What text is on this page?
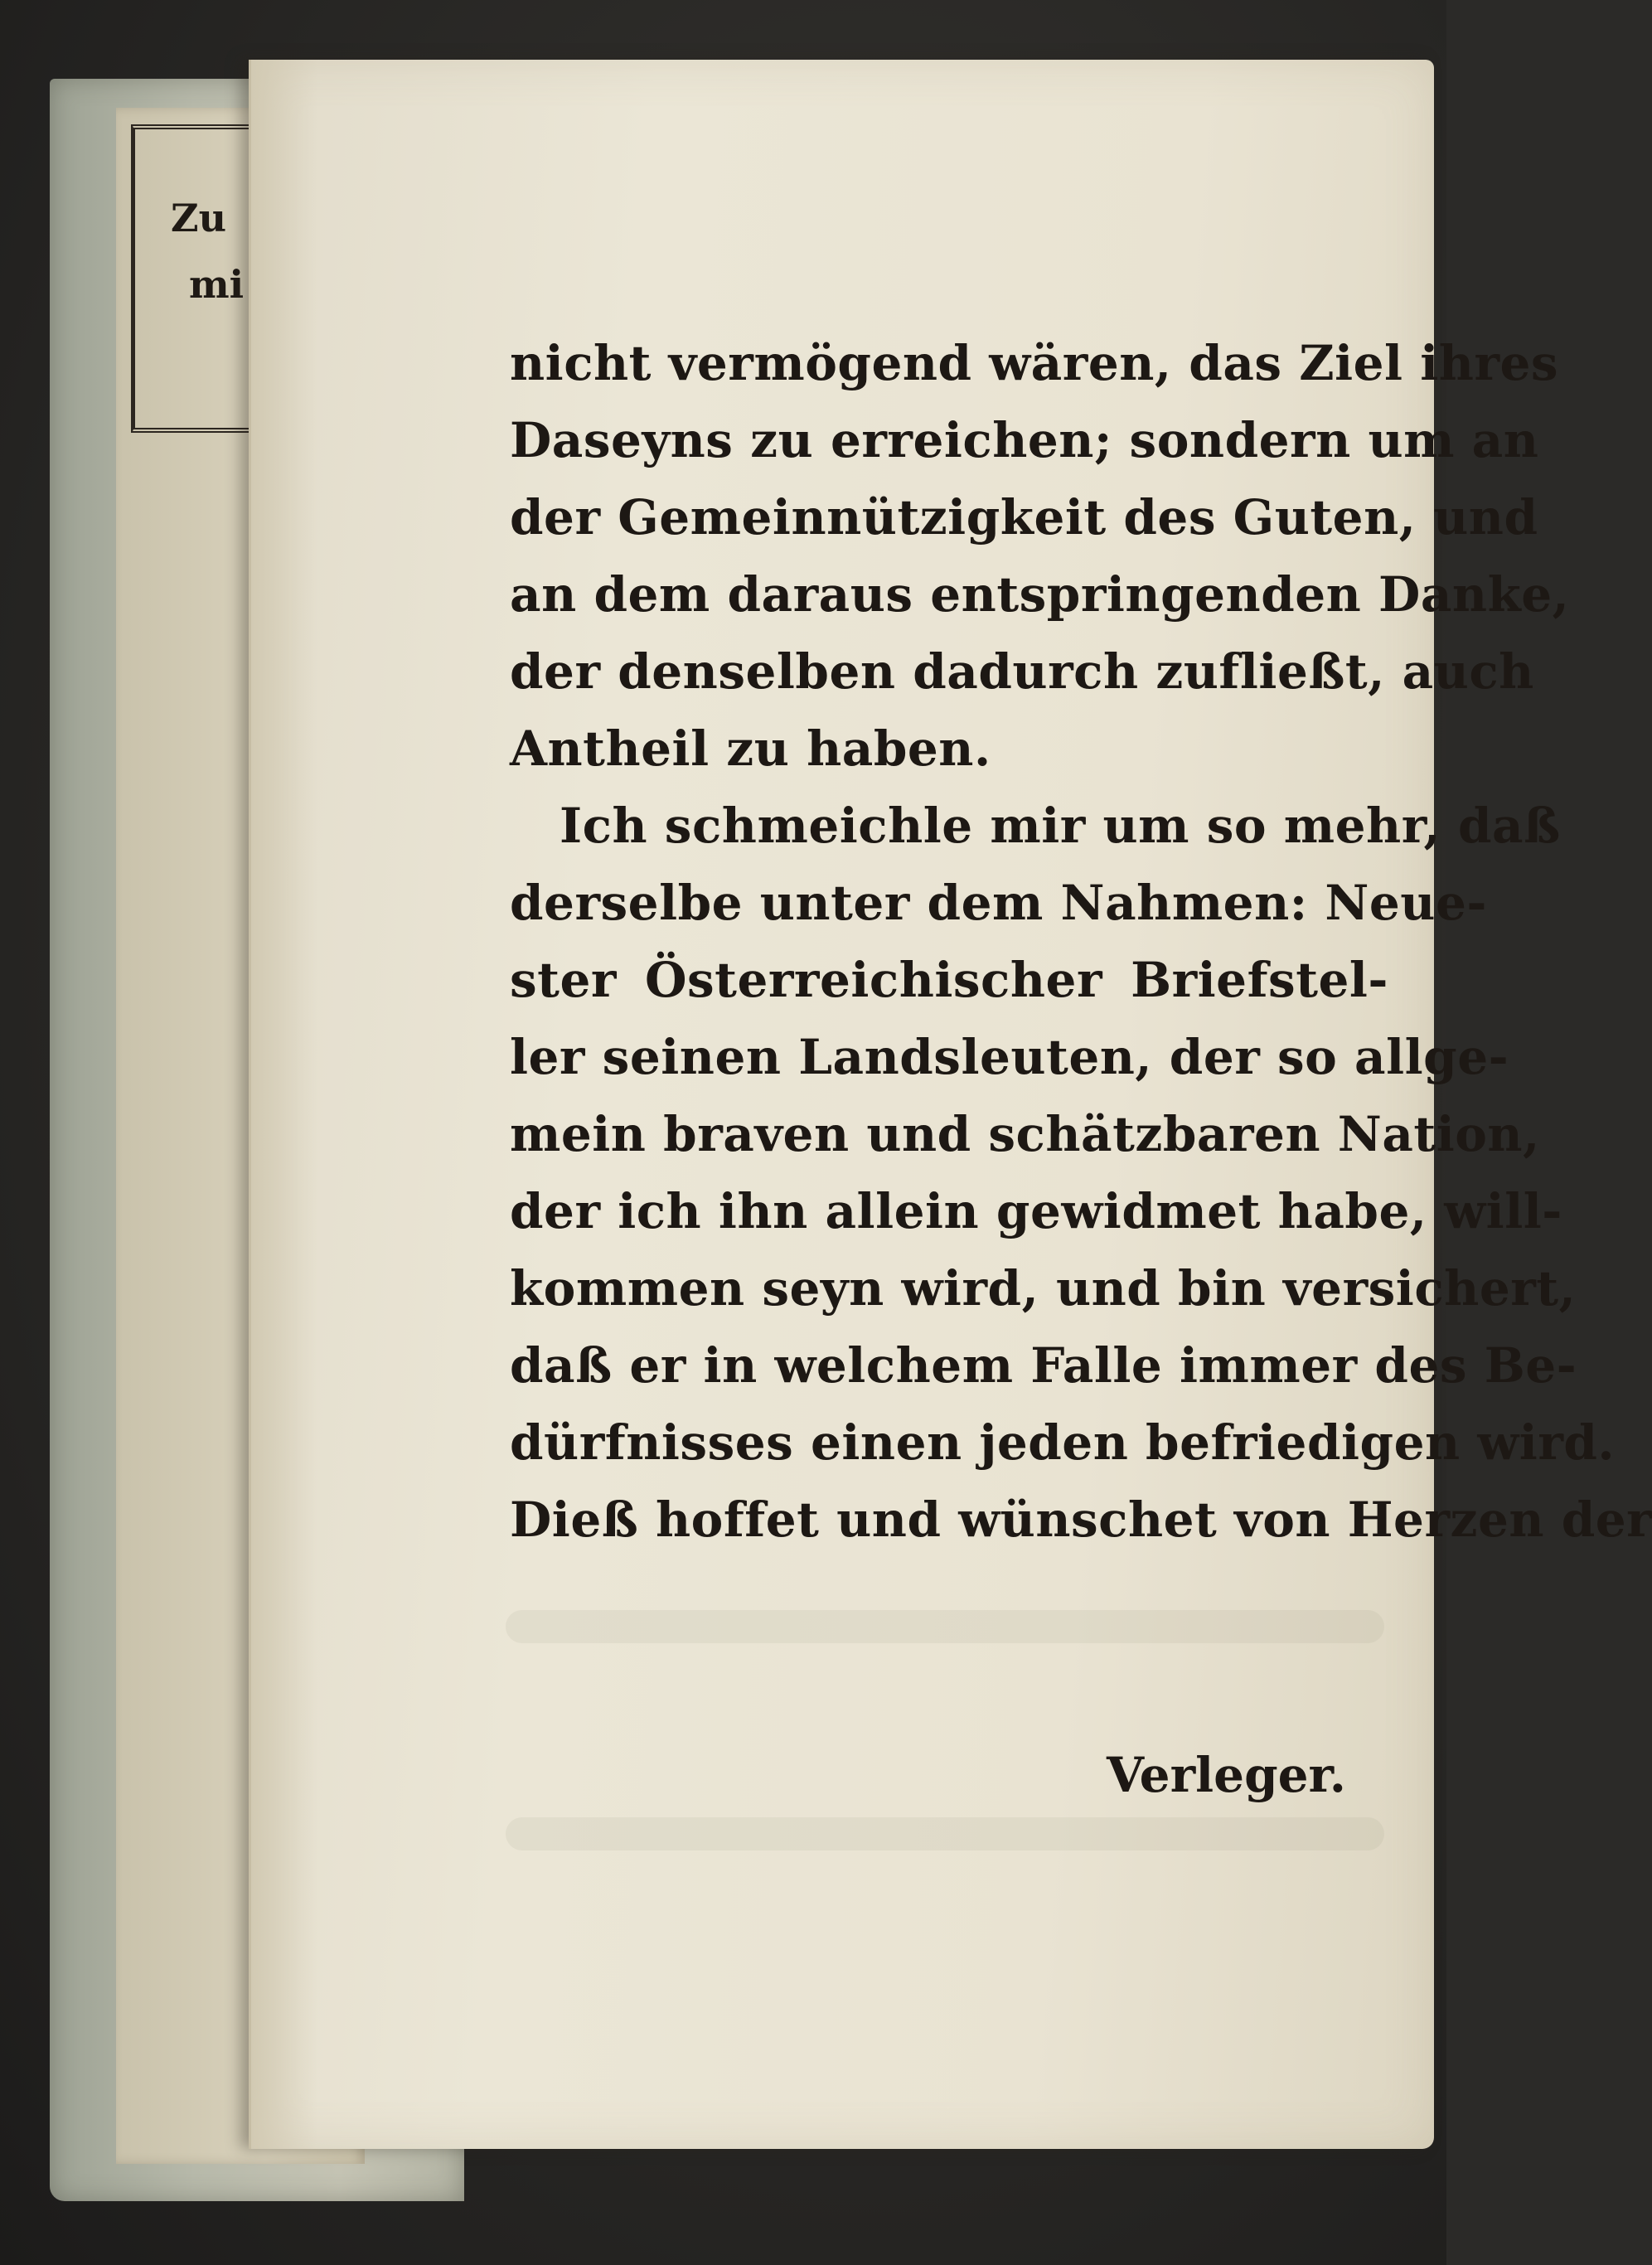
Zu
mi
nicht vermögend wären, das Ziel ihres
Daseyns zu erreichen; sondern um an
der Gemeinnützigkeit des Guten, und
an dem daraus entspringenden Danke,
der denselben dadurch zufließt, auch
Antheil zu haben.
Ich schmeichle mir um so mehr, daß
derselbe unter dem Nahmen: Neue-
ster Österreichischer Briefstel-
ler seinen Landsleuten, der so allge-
mein braven und schätzbaren Nation,
der ich ihn allein gewidmet habe, will-
kommen seyn wird, und bin versichert,
daß er in welchem Falle immer des Be-
dürfnisses einen jeden befriedigen wird.
Dieß hoffet und wünschet von Herzen der
Verleger.
